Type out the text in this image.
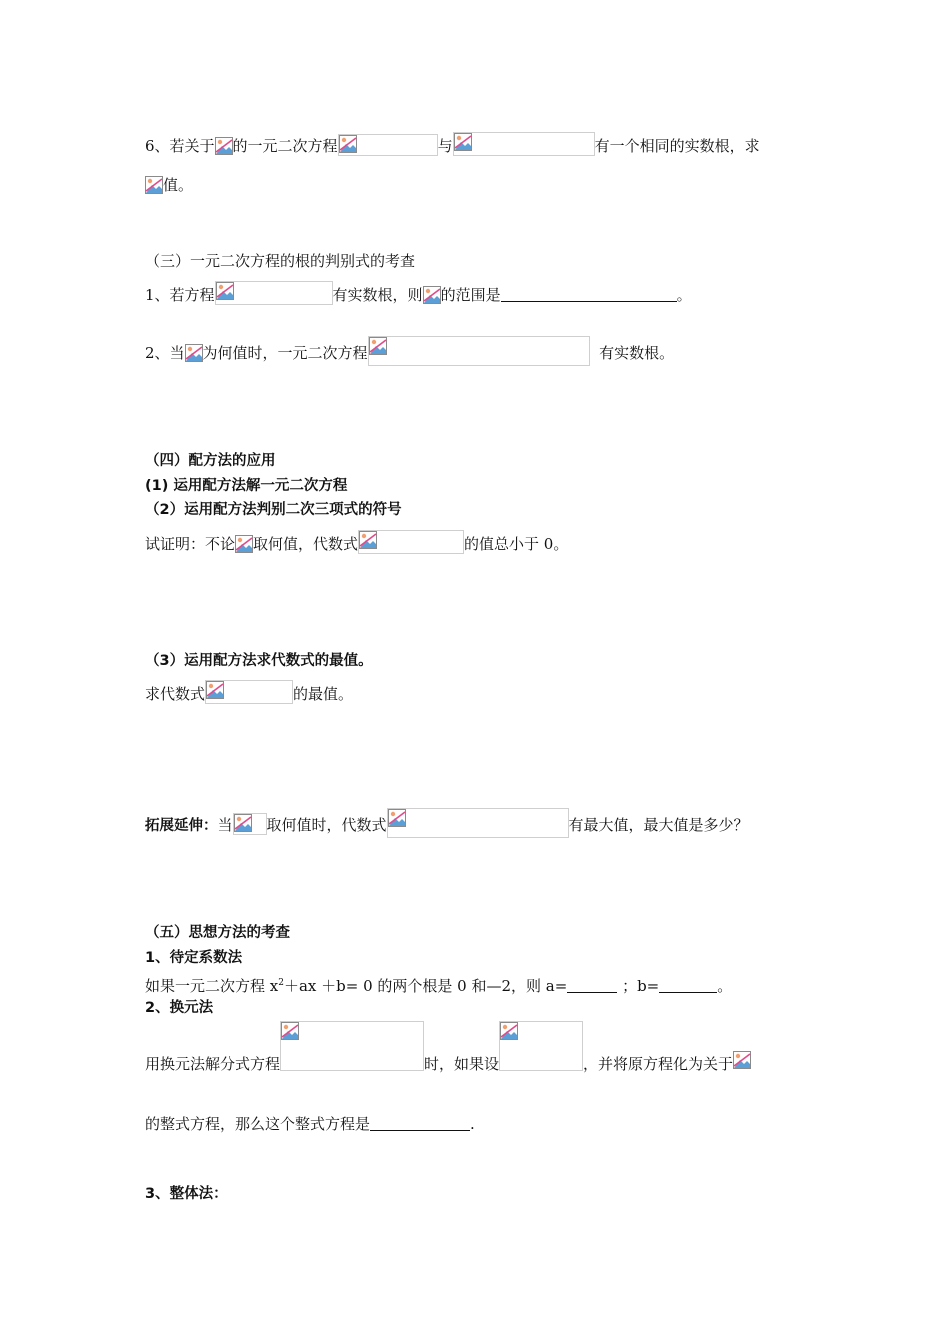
6、若关于 的一元二次方程	与	有一个相同的实数根，求
值。
（三）一元二次方程的根的判别式的考查
1、若方程	有实数根，则 的范围是	。
2、当 为何值时，一元二次方程	有实数根。
（四）配方法的应用
(1) 运用配方法解一元二次方程
（2）运用配方法判别二次三项式的符号
试证明：不论 取何值，代数式	的值总小于 0。
（3）运用配方法求代数式的最值。
求代数式	的最值。
拓展延伸：当 取何值时，代数式	有最大值，最大值是多少？
（五）思想方法的考查
1、待定系数法
如果一元二次方程 $x^2+ax +b= 0$ 的两个根是 0 和—2，则 a=	；b=	。
2、换元法
用换元法解分式方程	时，如果设	，并将原方程化为关于
的整式方程，那么这个整式方程是	.
3、整体法：
